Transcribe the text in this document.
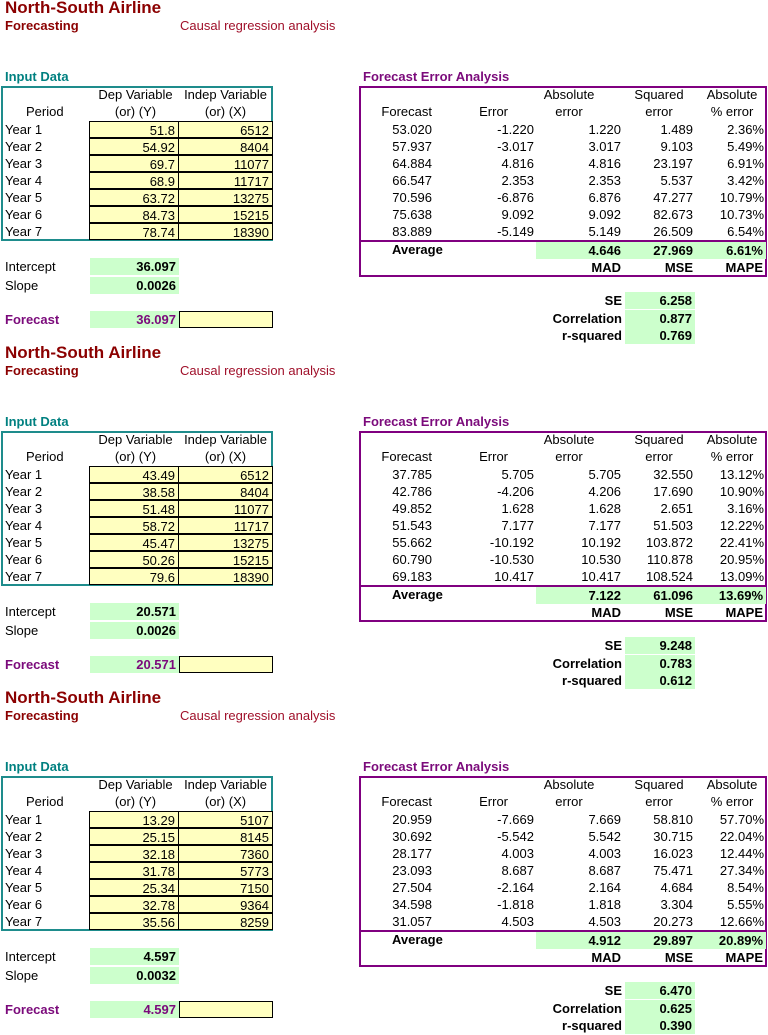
North-South Airline
Forecasting	Causal regression analysis
Input Data	Forecast Error Analysis
Dep Variable
(or) (Y)
Indep Variable
(or) (X)
Period	Forecast	Error
Absolute
error
Squared
error
Absolute
% error
Year 1	51.8	6512	53.020	-1.220	1.220	1.489	2.36%
Year 2	54.92	8404	57.937	-3.017	3.017	9.103	5.49%
Year 3	69.7	11077	64.884	4.816	4.816	23.197	6.91%
Year 4	68.9	11717	66.547	2.353	2.353	5.537	3.42%
Year 5	63.72	13275	70.596	-6.876	6.876	47.277	10.79%
Year 6	84.73	15215	75.638	9.092	9.092	82.673	10.73%
Year 7	78.74	18390	83.889	-5.149	5.149	26.509	6.54%
Average	4.646	27.969	6.61%
MAD	MSE	MAPE
Intercept	36.097
Slope	0.0026
Forecast	36.097
SE	6.258
Correlation	0.877
r-squared	0.769
North-South Airline
Forecasting	Causal regression analysis
Input Data	Forecast Error Analysis
Dep Variable
(or) (Y)
Indep Variable
(or) (X)
Period	Forecast	Error
Absolute
error
Squared
error
Absolute
% error
Year 1	43.49	6512	37.785	5.705	5.705	32.550	13.12%
Year 2	38.58	8404	42.786	-4.206	4.206	17.690	10.90%
Year 3	51.48	11077	49.852	1.628	1.628	2.651	3.16%
Year 4	58.72	11717	51.543	7.177	7.177	51.503	12.22%
Year 5	45.47	13275	55.662	-10.192	10.192	103.872	22.41%
Year 6	50.26	15215	60.790	-10.530	10.530	110.878	20.95%
Year 7	79.6	18390	69.183	10.417	10.417	108.524	13.09%
Average	7.122	61.096	13.69%
MAD	MSE	MAPE
Intercept	20.571
Slope	0.0026
Forecast	20.571
SE	9.248
Correlation	0.783
r-squared	0.612
North-South Airline
Forecasting	Causal regression analysis
Input Data	Forecast Error Analysis
Dep Variable
(or) (Y)
Indep Variable
(or) (X)
Period	Forecast	Error
Absolute
error
Squared
error
Absolute
% error
Year 1	13.29	5107	20.959	-7.669	7.669	58.810	57.70%
Year 2	25.15	8145	30.692	-5.542	5.542	30.715	22.04%
Year 3	32.18	7360	28.177	4.003	4.003	16.023	12.44%
Year 4	31.78	5773	23.093	8.687	8.687	75.471	27.34%
Year 5	25.34	7150	27.504	-2.164	2.164	4.684	8.54%
Year 6	32.78	9364	34.598	-1.818	1.818	3.304	5.55%
Year 7	35.56	8259	31.057	4.503	4.503	20.273	12.66%
Average	4.912	29.897	20.89%
MAD	MSE	MAPE
Intercept	4.597
Slope	0.0032
Forecast	4.597
SE	6.470
Correlation	0.625
r-squared	0.390
